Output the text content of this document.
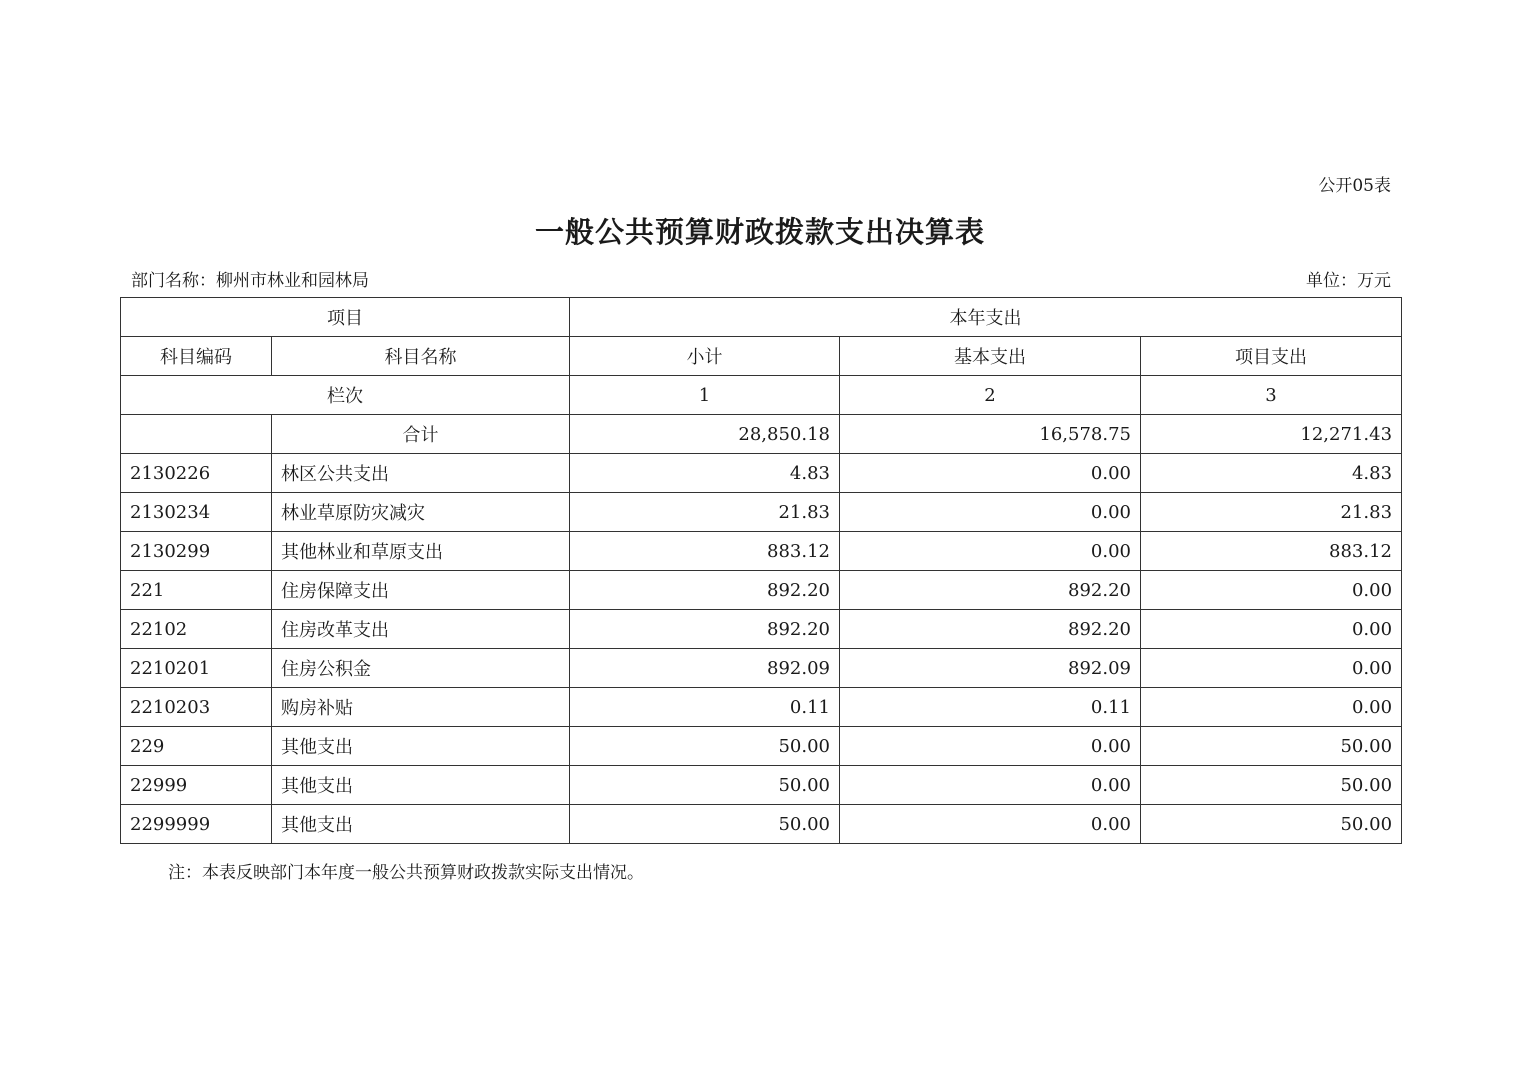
公开05表
一般公共预算财政拨款支出决算表
部门名称：柳州市林业和园林局	单位：万元
项目		本年支出		
科目编码	科目名称	小计	基本支出	项目支出
栏次		1	2	3
	合计	28,850.18	16,578.75	12,271.43
2130226	林区公共支出	4.83	0.00	4.83
2130234	林业草原防灾减灾	21.83	0.00	21.83
2130299	其他林业和草原支出	883.12	0.00	883.12
221	住房保障支出	892.20	892.20	0.00
22102	住房改革支出	892.20	892.20	0.00
2210201	住房公积金	892.09	892.09	0.00
2210203	购房补贴	0.11	0.11	0.00
229	其他支出	50.00	0.00	50.00
22999	其他支出	50.00	0.00	50.00
2299999	其他支出	50.00	0.00	50.00
注：本表反映部门本年度一般公共预算财政拨款实际支出情况。
